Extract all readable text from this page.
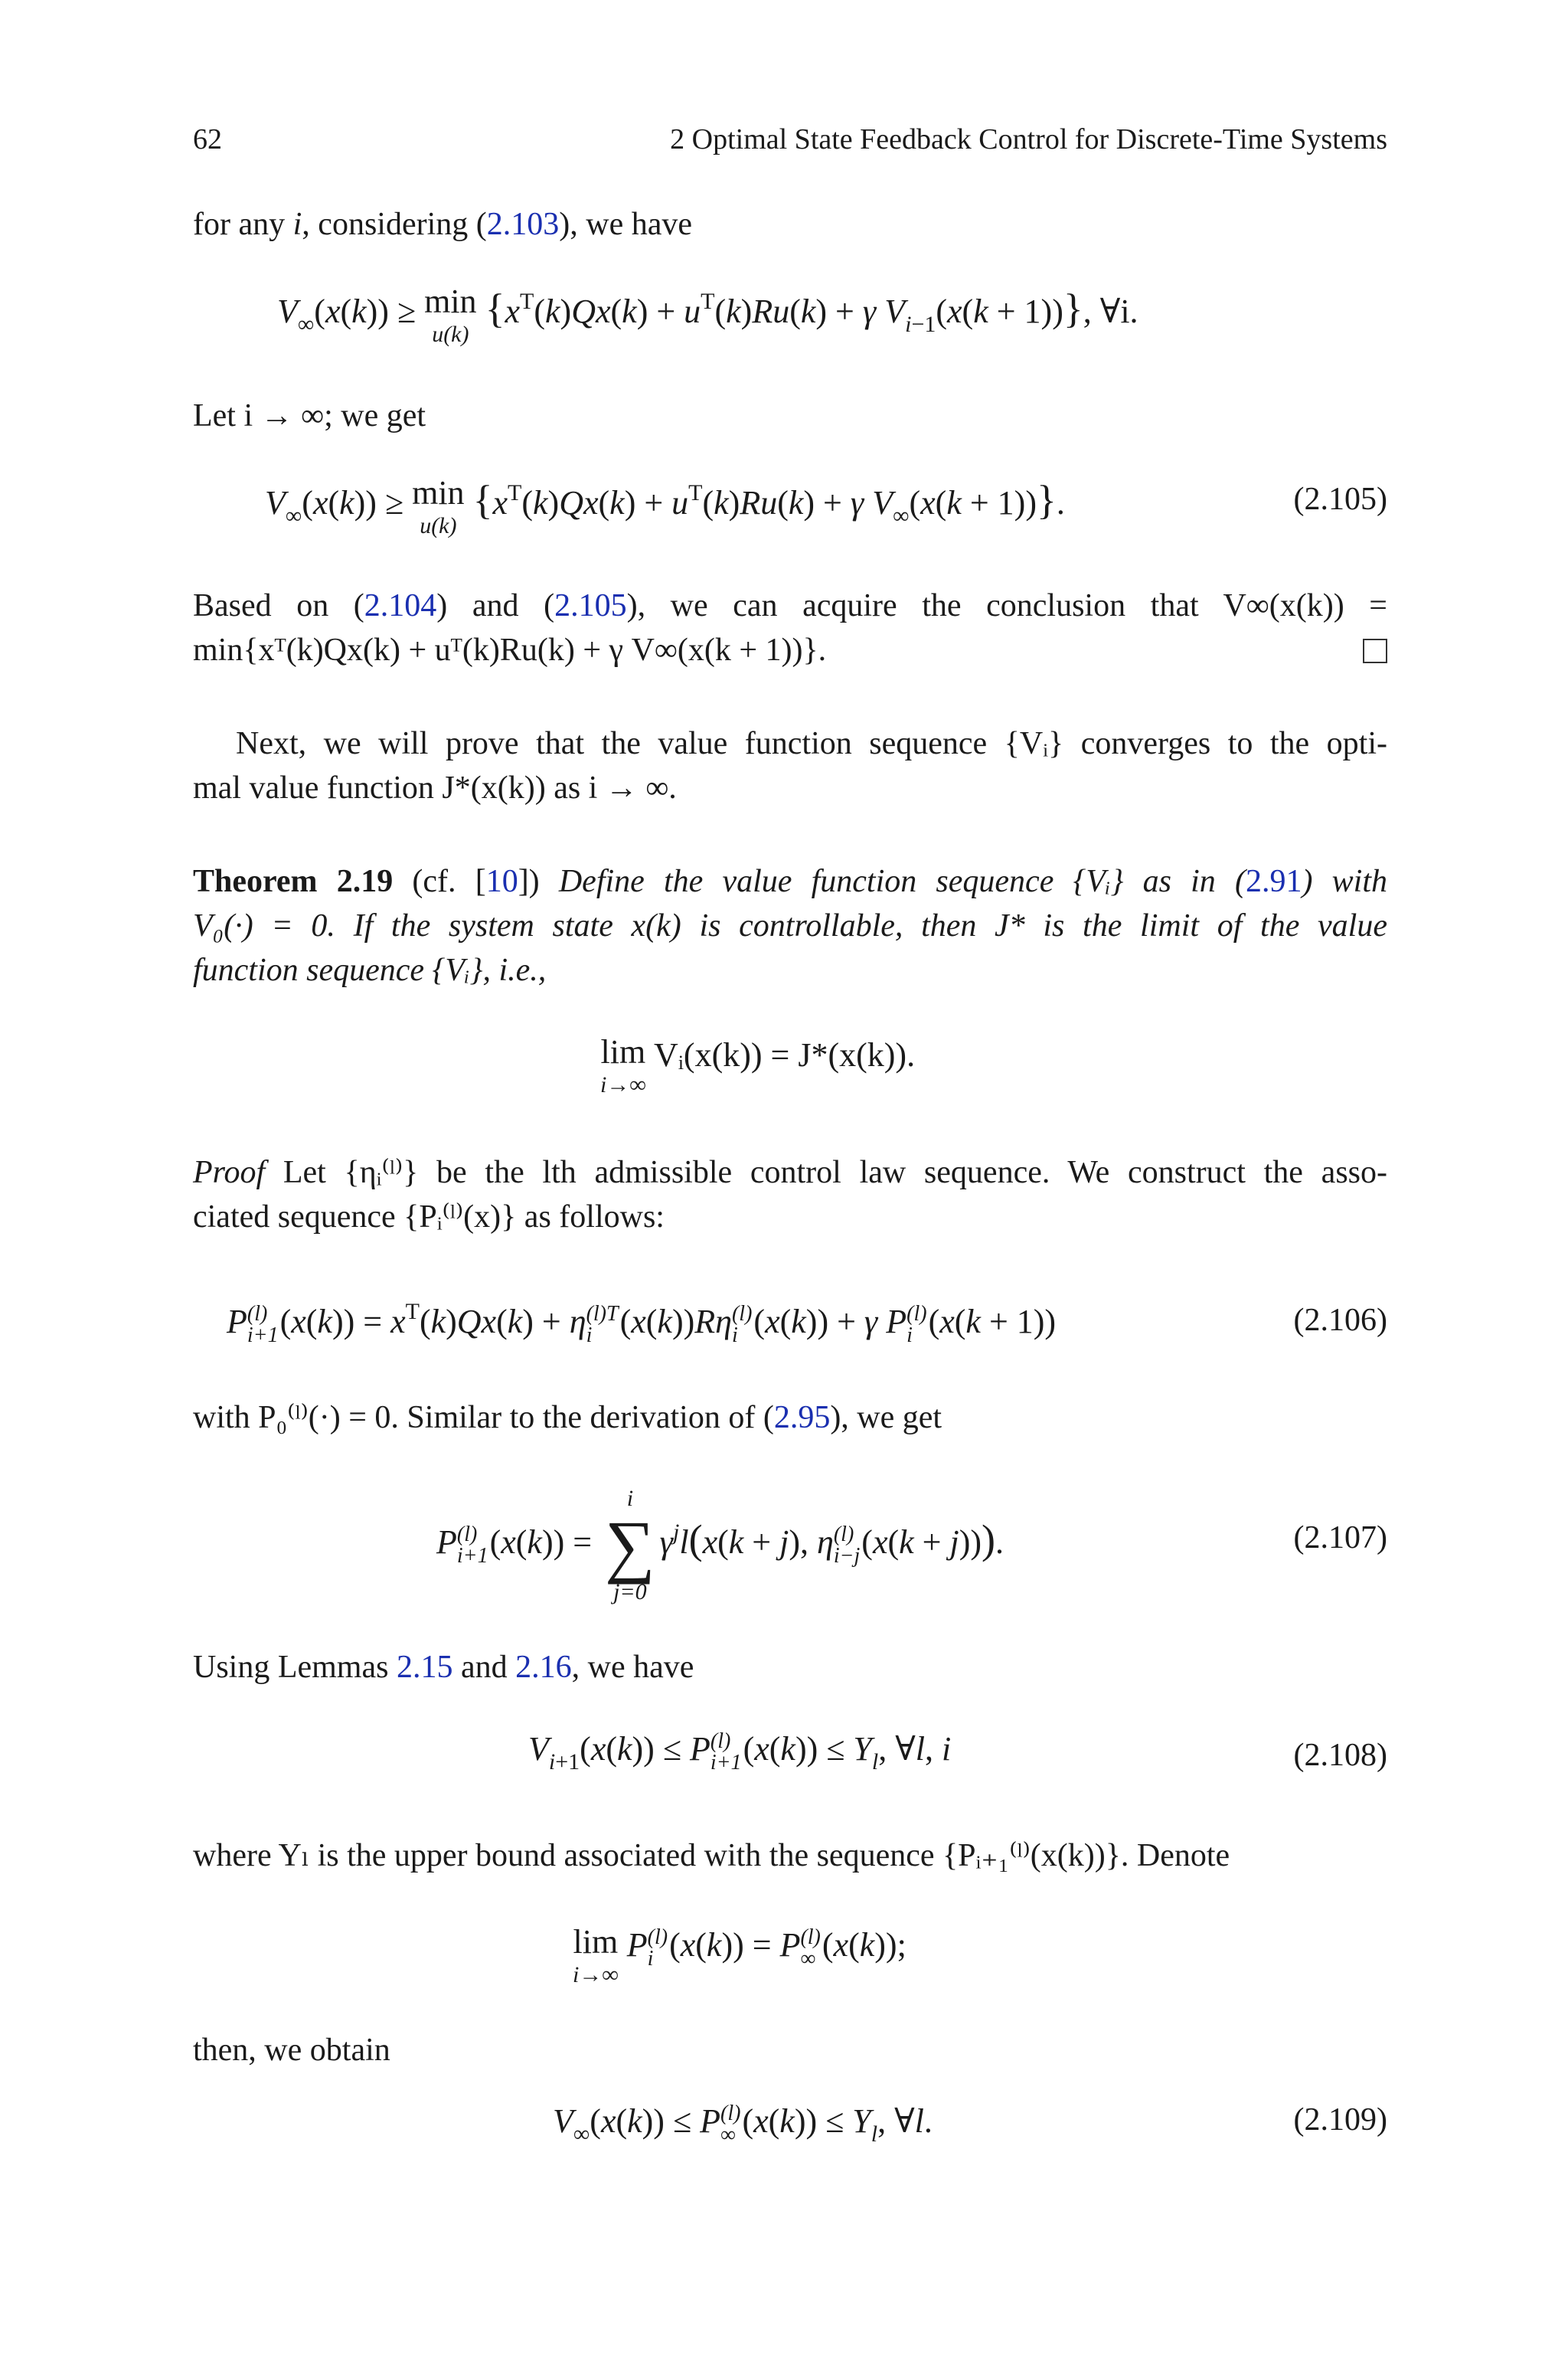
62	2 Optimal State Feedback Control for Discrete-Time Systems
for any i, considering (2.103), we have
$V_\infty(x(k)) \ge \min$
u(k)
{$x^T(k)Qx(k) + u^T(k)Ru(k) + \gamma$ $V_{i-1}(x(k + 1))$}, ∀i.
Let i → ∞; we get
$V_\infty(x(k)) \ge \min$
u(k)
{$x^T(k)Qx(k) + u^T(k)Ru(k) + \gamma$ $V_\infty(x(k + 1))$}.	(2.105)
Based on (2.104) and (2.105), we can acquire the conclusion that V∞(x(k)) =
min{xᵀ(k)Qx(k) + uᵀ(k)Ru(k) + γ V∞(x(k + 1))}.
Next, we will prove that the value function sequence {Vᵢ} converges to the opti-
mal value function J*(x(k)) as i → ∞.
Theorem 2.19 (cf. [10]) Define the value function sequence {Vᵢ} as in (2.91) with
V₀(·) = 0. If the system state x(k) is controllable, then J* is the limit of the value
function sequence {Vᵢ}, i.e.,
lim
i→∞
Vᵢ(x(k)) = J*(x(k)).
Proof Let {ηᵢ⁽ˡ⁾} be the lth admissible control law sequence. We construct the asso-
ciated sequence {Pᵢ⁽ˡ⁾(x)} as follows:
P (l)
i+1 $(x(k)) = x^T(k)Qx(k) + \eta$ (l)T
i (x(k))Rη (l)
i (x(k)) + γ P (l)
i (x(k + 1))	(2.106)
with P₀⁽ˡ⁾(·) = 0. Similar to the derivation of (2.95), we get
P (l)
i+1 (x(k)) =
i
∑
j=0
$\gamma^jl(x(k + j)$, η (l)
i−j (x(k + j))).	(2.107)
Using Lemmas 2.15 and 2.16, we have
$V_{i+1}(x(k)) \le P$ (l)
i+1 $(x(k)) \le Y_l$, ∀l, i	(2.108)
where Yₗ is the upper bound associated with the sequence {Pᵢ₊₁⁽ˡ⁾(x(k))}. Denote
lim
i→∞
P (l)
i (x(k)) = P (l)
∞ (x(k));
then, we obtain
$V_\infty(x(k)) \le P$ (l)
∞ $(x(k)) \le Y_l$, ∀l.	(2.109)
